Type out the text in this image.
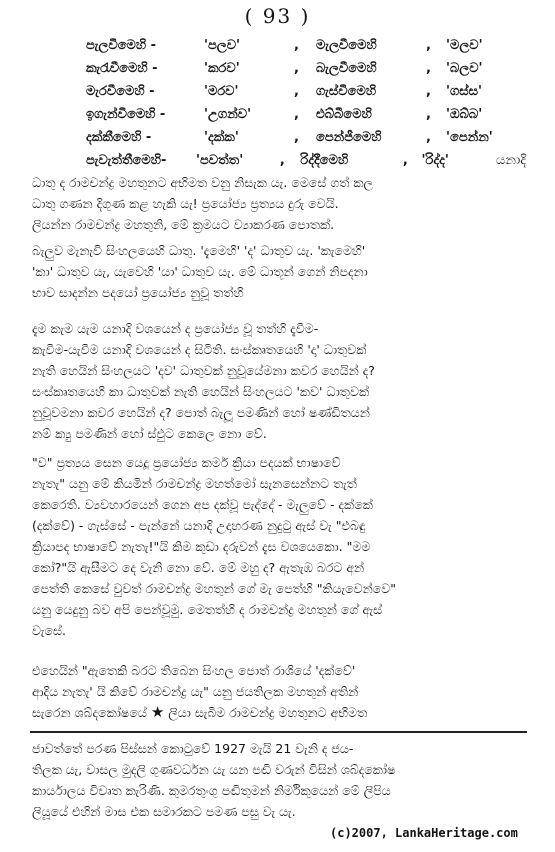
( 93 )
පැලවීමෙහි -	'පලව'	,	මැලවීමෙහි	,	'මලව'
කැරැවීමෙහි -	'කරව'	,	බැලවීමෙහි	,	'බලව'
මැරවීමෙහි -	'මරව'	,	ගැස්වීමෙහි	,	'ගස්ස'
ඉගැන්වීමෙහි -	'උගන්ව'	,	එබ්බීමෙහි	,	'ඔබ්බ'
දක්කීමෙහි -	'දක්ක'	,	පෙන්ජීමෙහි	,	'පෙන්න'
පැවැත්තීමෙහි-	'පවත්ත'	,	රිද්දීමෙහි	,	'රිද්ද'	යනාදි
ධාතු ද රාමචන්ද්‍ර මහතුනට අභිමත වනු නිසැක යැ. මෙසේ ගත් කල
ධාතු ගණන දිගුණ කළ හැකි යැ! ප්‍රයෝජ්‍ය ප්‍රත්‍යය දුරු වෙයි.
ලියන්න රාමචන්ද්‍ර මහතුනි, මේ ක්‍රමයට ව්‍යාකරණ පොතක්.
බැලුව මැනැවි සිංහලයෙහි ධාතු. 'දැමෙහි' 'ද' ධාතුව යැ. 'කැමෙහි'
'කා' ධාතුව යැ, යැවෙහි 'යා' ධාතුව යැ. මේ ධාතූන් ගෙන් නිපදනා
භාව සාදන්න පදයෝ ප්‍රයෝජ්‍ය නුවූ තත්හි
දැම කැම යැම යනාදි වශයෙන් ද ප්‍රයෝජ්‍ය වූ තත්හි දැවීම-
කැවීම-යැවීම යනාදි වශයෙන් ද සිටිති. සංස්කෘතයෙහි 'දා' ධාතුවක්
නැති හෙයින් සිංහලයට 'දව' ධාතුවක් නුවූයේමනා කවර හෙයින් ද?
සංස්කෘතයෙහි කා ධාතුවක් නැති හෙයින් සිංහලයට 'කව' ධාතුවක්
නුවූවමනා කවර හෙයින් ද? පොත් බැලූ පමණින් හෝ ෂණ්ඩිතයන්
නම් ක්‍යු පමණින් හෝ ස්ඵුට කෙලෙ නො වේ.
"ව" ප්‍රත්‍යය සෙන යෙදූ ප්‍රයෝජ්‍ය කර්ම ක්‍රියා පදයක් භාෂාවේ
නැතැ" යනු මේ කියමින් රාමචන්ද්‍ර මහත්මෝ සැනසෙන්නට තැත්
කෙරෙති. ව්‍යවහාරයෙන් ගෙන අප දක්වූ පැද්දේ - මැලුවේ - දක්කේ
(දක්වේ) - ගැස්සේ - පැන්නේ යනාදි උදාහරණ නුදුටු ඇස් වැ "එබඳු
ක්‍රියාපද භාෂාවේ නැතැ!"යි කිම කුඩා දරුවන් දැස වශයෙකො. "මම
කෝ?"යි ඇසීමට දෙ වැනි නො වේ. මේ මහු ද? ඇතැඹ බරට අන්
පෙත්ති කෙසේ වුවත් රාමචන්ද්‍ර මහතුන් ගේ මැ පෙත්හි "කියැවෙන්වෙ"
යනු යෙදුනු බව අපි පෙන්වූමු. මෙතත්හි ද රාමචන්ද්‍ර මහතුන් ගේ ඇස්
වැසේ.
එහෙයින් "ඇතෙකි බරට තිබෙන සිංහල පොත් රාශියේ 'දක්වේ'
ආදිය නැතැ' යි කිවේ රාමචන්ද්‍ර යැ" යනු ජයතිලක මහතුන් අතින්
සැරෙන ශබ්දකෝෂයේ ★ ලියා සැබිම රාමචන්ද්‍ර මහතුනට අභිමත
ජාවත්තේ පරණ පිස්සන් කොටුවේ 1927 මැයි 21 වැනි ද ජය-
තිලක යැ, වාසල මුදලි ගුණවර්ධන යැ යන පඬි වරුන් විසින් ශබ්දකෝෂ
කාර්යාලය විවෘත කැරිණි. කුමරතුංගු පඬිතුමන් නිර්මිකුයෙන් මේ ලිපිය
ලියූයේ එහින් මාස එක සමාරකට පමණ පසු වැ යැ.
(c)2007, LankaHeritage.com
